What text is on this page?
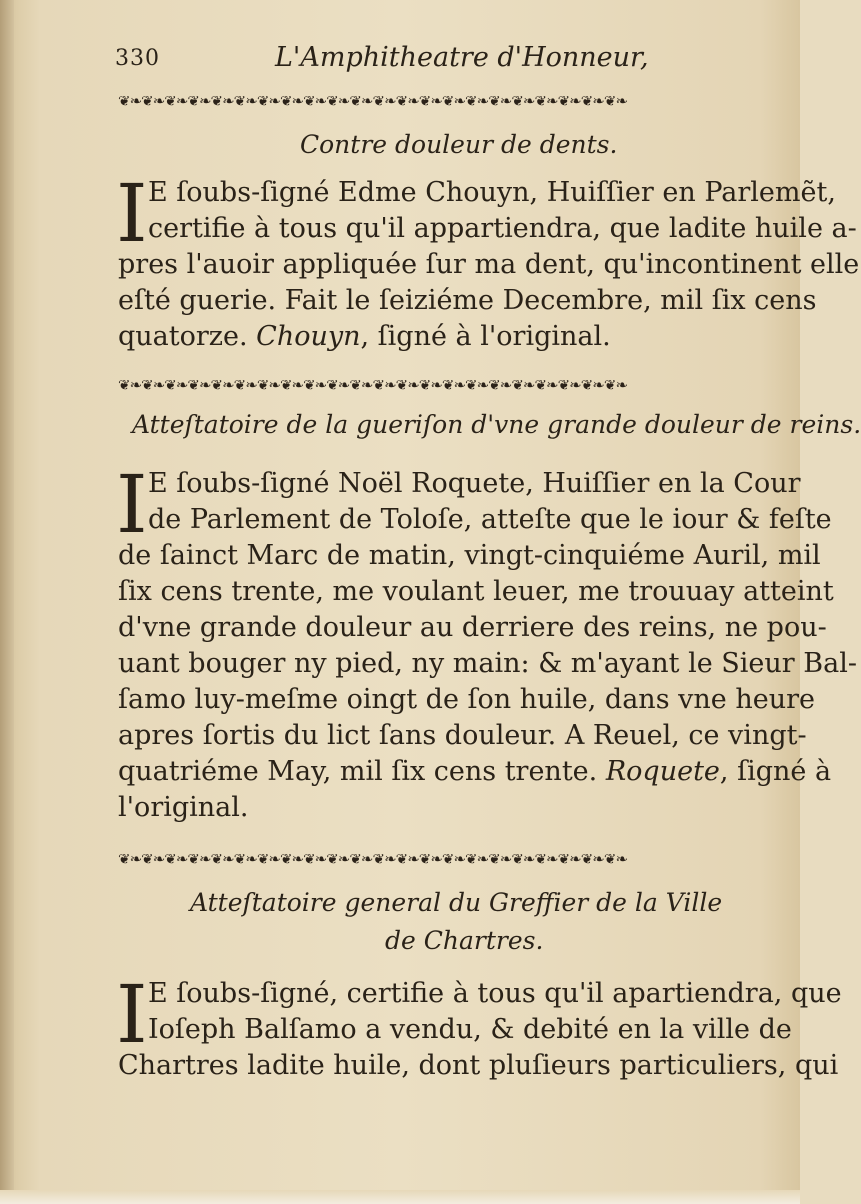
330	L'Amphitheatre d'Honneur,
❦❧❦❧❦❧❦❧❦❧❦❧❦❧❦❧❦❧❦❧❦❧❦❧❦❧❦❧❦❧❦❧❦❧❦❧❦❧❦❧❦❧❦❧
Contre douleur de dents.
I E ſoubs-ſigné Edme Chouyn, Huiſſier en Parlemẽt,
certifie à tous qu'il appartiendra, que ladite huile a-
pres l'auoir appliquée ſur ma dent, qu'incontinent elle
eſté guerie. Fait le ſeiziéme Decembre, mil ſix cens
quatorze. Chouyn, ſigné à l'original.
❦❧❦❧❦❧❦❧❦❧❦❧❦❧❦❧❦❧❦❧❦❧❦❧❦❧❦❧❦❧❦❧❦❧❦❧❦❧❦❧❦❧❦❧
Atteſtatoire de la gueriſon d'vne grande douleur de reins.
I E ſoubs-ſigné Noël Roquete, Huiſſier en la Cour
de Parlement de Toloſe, atteſte que le iour & feſte
de ſainct Marc de matin, vingt-cinquiéme Auril, mil
ſix cens trente, me voulant leuer, me trouuay atteint
d'vne grande douleur au derriere des reins, ne pou-
uant bouger ny pied, ny main: & m'ayant le Sieur Bal-
ſamo luy-meſme oingt de ſon huile, dans vne heure
apres ſortis du lict ſans douleur. A Reuel, ce vingt-
quatriéme May, mil ſix cens trente. Roquete, ſigné à
l'original.
❦❧❦❧❦❧❦❧❦❧❦❧❦❧❦❧❦❧❦❧❦❧❦❧❦❧❦❧❦❧❦❧❦❧❦❧❦❧❦❧❦❧❦❧
Atteſtatoire general du Greffier de la Ville
de Chartres.
I E ſoubs-ſigné, certifie à tous qu'il apartiendra, que
Ioſeph Balſamo a vendu, & debité en la ville de
Chartres ladite huile, dont pluſieurs particuliers, qui
